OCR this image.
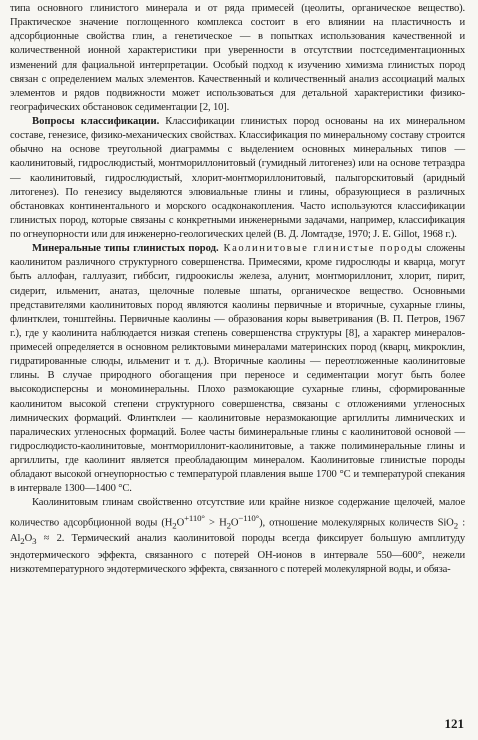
типа основного глинистого минерала и от ряда примесей (цеолиты, органическое вещество). Практическое значение поглощенного комплекса состоит в его влиянии на пластичность и адсорбционные свойства глин, а генетическое — в попытках использования качественной и количественной ионной характеристики при уверенности в отсутствии постседиментационных изменений для фациальной интерпретации. Особый подход к изучению химизма глинистых пород связан с определением малых элементов. Качественный и количественный анализ ассоциаций малых элементов и рядов подвижности может использоваться для детальной характеристики физико-географических обстановок седиментации [2, 10].

Вопросы классификации. Классификации глинистых пород основаны на их минеральном составе, генезисе, физико-механических свойствах. Классификация по минеральному составу строится обычно на основе треугольной диаграммы с выделением основных минеральных типов — каолинитовый, гидрослюдистый, монтмориллонитовый (гумидный литогенез) или на основе тетраэдра — каолинитовый, гидрослюдистый, хлорит-монтмориллонитовый, палыгорскитовый (аридный литогенез). По генезису выделяются элювиальные глины и глины, образующиеся в различных обстановках континентального и морского осадконакопления. Часто используются классификации глинистых пород, которые связаны с конкретными инженерными задачами, например, классификация по огнеупорности или для инженерно-геологических целей (В. Д. Ломтадзе, 1970; J. E. Gillot, 1968 г.).

Минеральные типы глинистых пород. Каолинитовые глинистые породы сложены каолинитом различного структурного совершенства. Примесями, кроме гидрослюды и кварца, могут быть аллофан, галлуазит, гиббсит, гидроокислы железа, алунит, монтмориллонит, хлорит, пирит, сидерит, ильменит, анатаз, щелочные полевые шпаты, органическое вещество. Основными представителями каолинитовых пород являются каолины первичные и вторичные, сухарные глины, флинтклеи, тонштейны. Первичные каолины — образования коры выветривания (В. П. Петров, 1967 г.), где у каолинита наблюдается низкая степень совершенства структуры [8], а характер минералов-примесей определяется в основном реликтовыми минералами материнских пород (кварц, микроклин, гидратированные слюды, ильменит и т. д.). Вторичные каолины — переотложенные каолинитовые глины. В случае природного обогащения при переносе и седиментации могут быть более высокодисперсны и мономинеральны. Плохо размокающие сухарные глины, сформированные каолинитом высокой степени структурного совершенства, связаны с отложениями угленосных лимнических формаций. Флинтклеи — каолинитовые неразмокающие аргиллиты лимнических и паралических угленосных формаций. Более часты биминеральные глины с каолинитовой основой — гидрослюдисто-каолинитовые, монтмориллонит-каолинитовые, а также полиминеральные глины и аргиллиты, где каолинит является преобладающим минералом. Каолинитовые глинистые породы обладают высокой огнеупорностью с температурой плавления выше 1700 °С и температурой спекания в интервале 1300—1400 °С.

Каолинитовым глинам свойственно отсутствие или крайне низкое содержание щелочей, малое количество адсорбционной воды $(H_2O^{+110^\circ} > H_2O^{-110^\circ})$, отношение молекулярных количеств SiO$_2$ : $Al_2O_3 \approx 2$. Термический анализ каолинитовой породы всегда фиксирует большую амплитуду эндотермического эффекта, связанного с потерей OH-ионов в интервале 550—600°, нежели низкотемпературного эндотермического эффекта, связанного с потерей молекулярной воды, и обяза-

121
